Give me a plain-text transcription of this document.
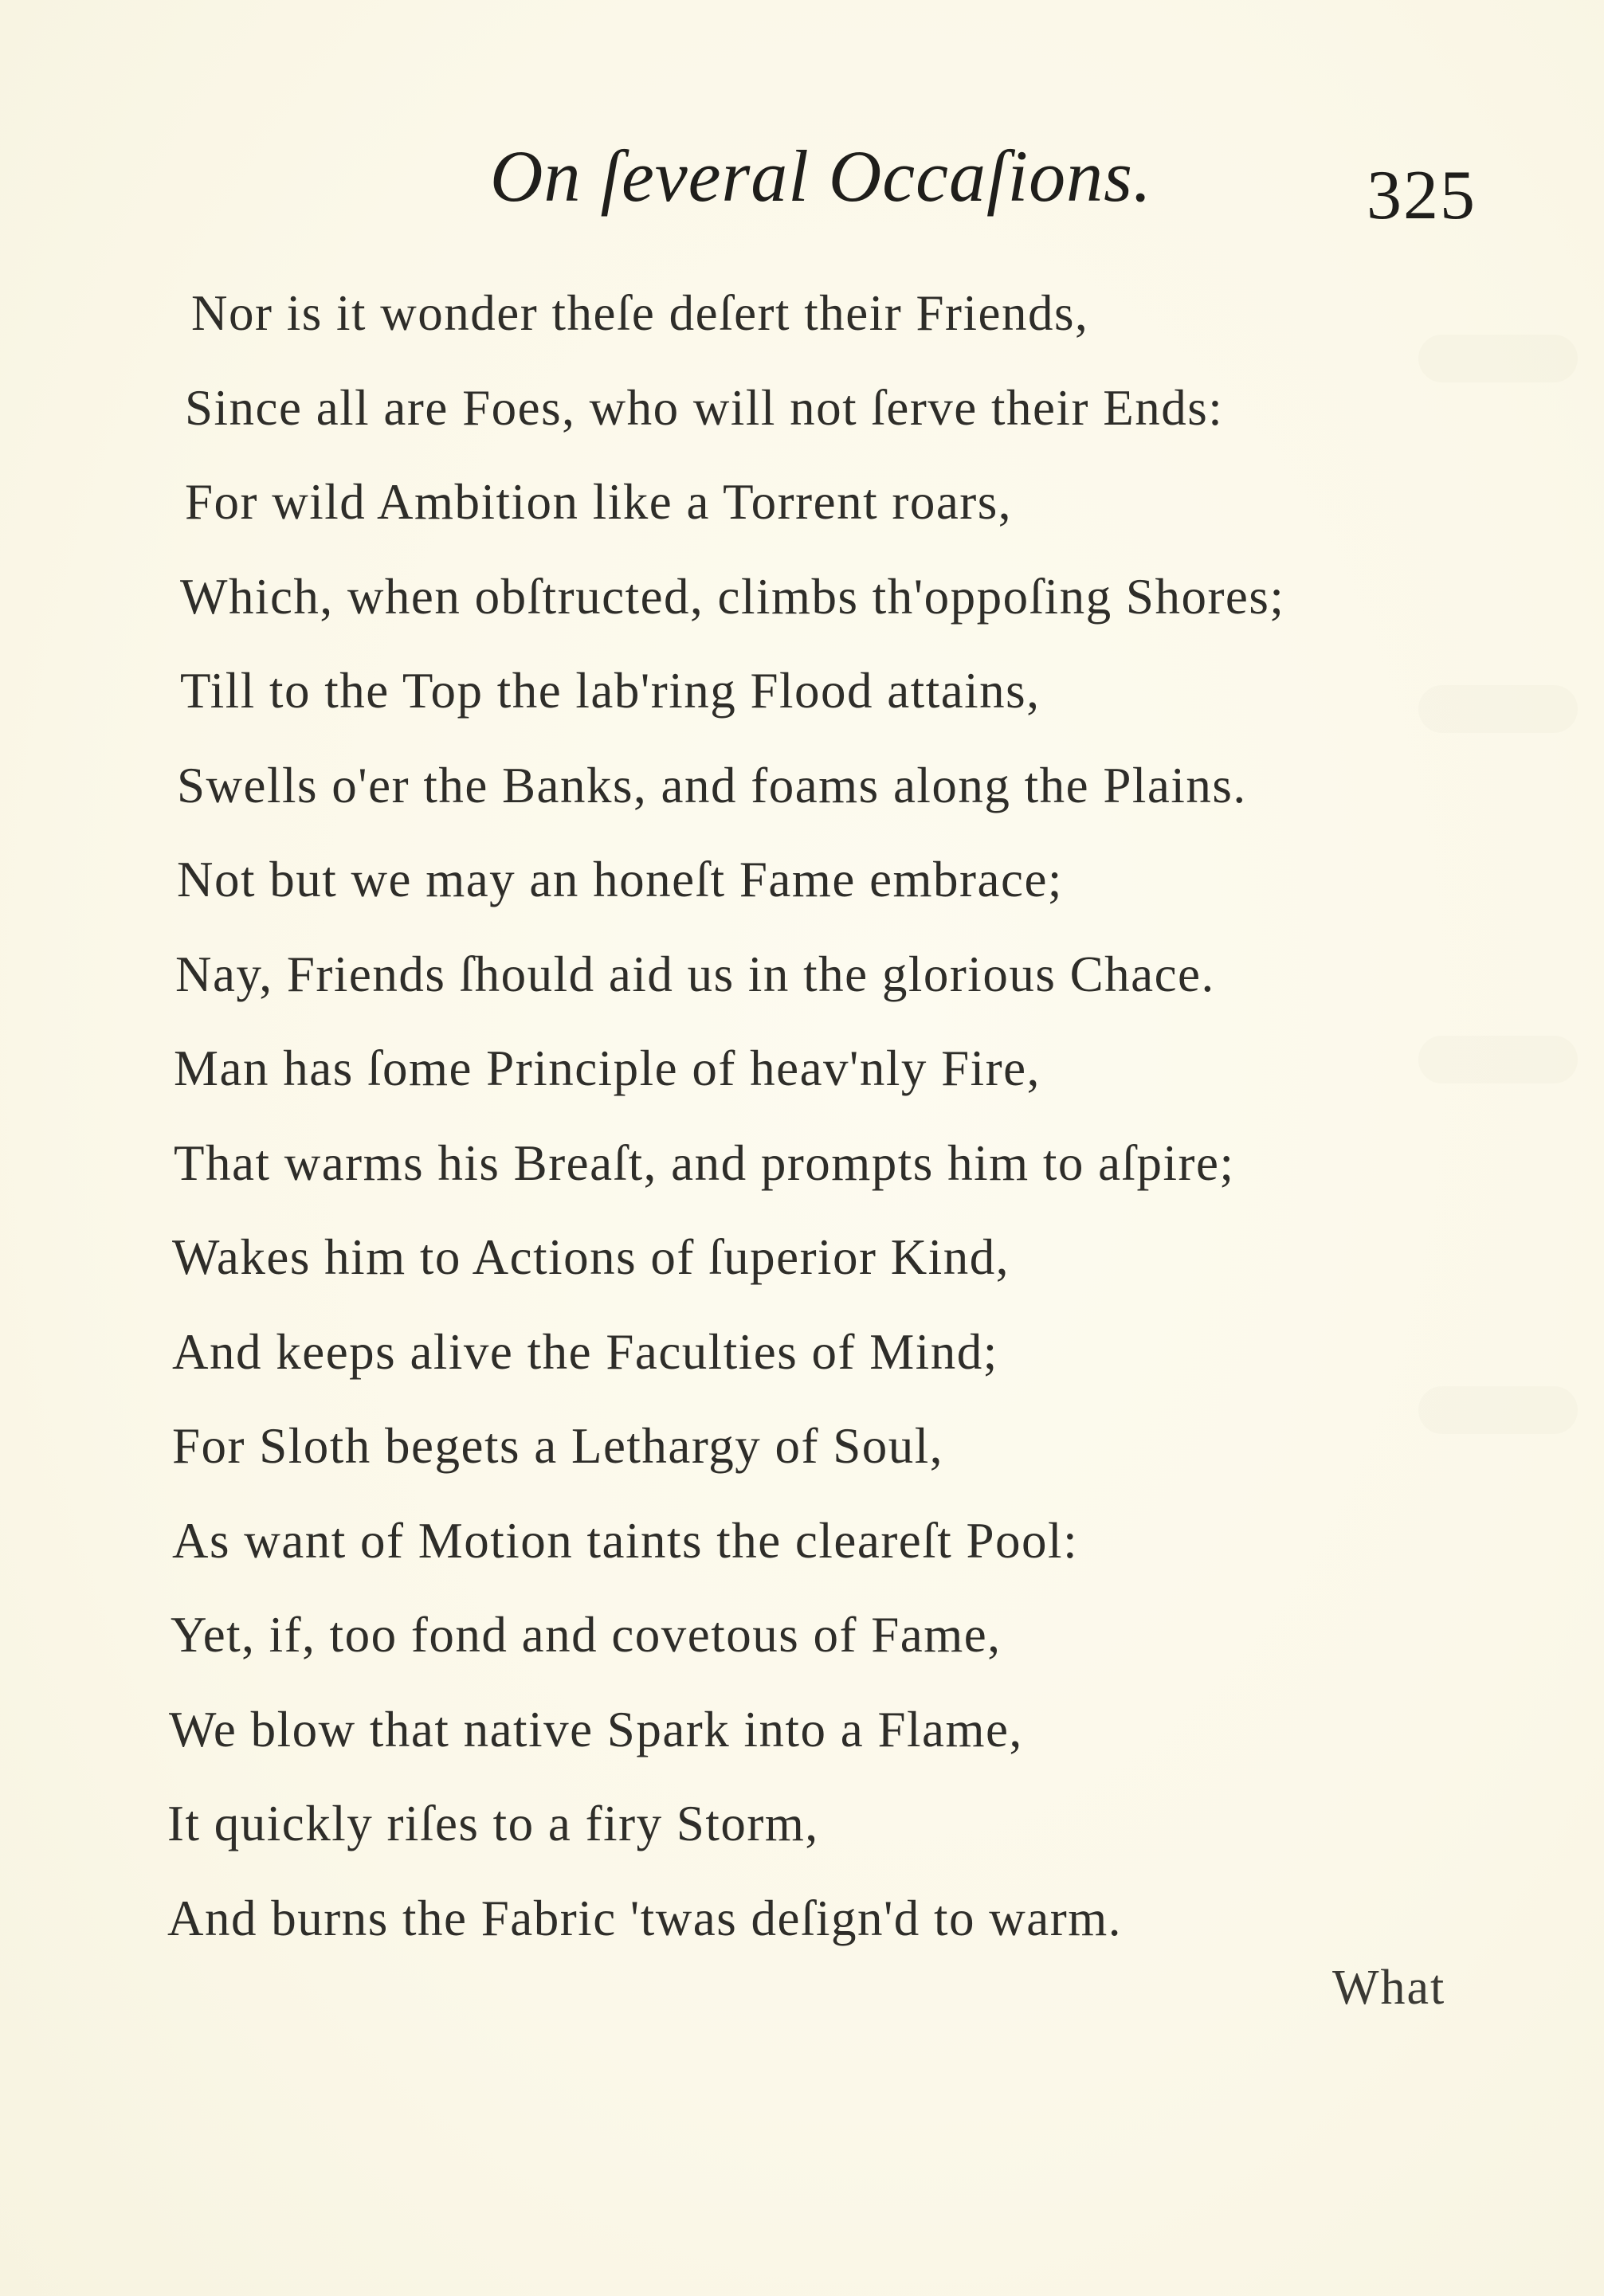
On ſeveral Occaſions.	325
Nor is it wonder theſe deſert their Friends,
Since all are Foes, who will not ſerve their Ends:
For wild Ambition like a Torrent roars,
Which, when obſtructed, climbs th'oppoſing Shores;
Till to the Top the lab'ring Flood attains,
Swells o'er the Banks, and foams along the Plains.
Not but we may an honeſt Fame embrace;
Nay, Friends ſhould aid us in the glorious Chace.
Man has ſome Principle of heav'nly Fire,
That warms his Breaſt, and prompts him to aſpire;
Wakes him to Actions of ſuperior Kind,
And keeps alive the Faculties of Mind;
For Sloth begets a Lethargy of Soul,
As want of Motion taints the cleareſt Pool:
Yet, if, too fond and covetous of Fame,
We blow that native Spark into a Flame,
It quickly riſes to a firy Storm,
And burns the Fabric 'twas deſign'd to warm.
What
